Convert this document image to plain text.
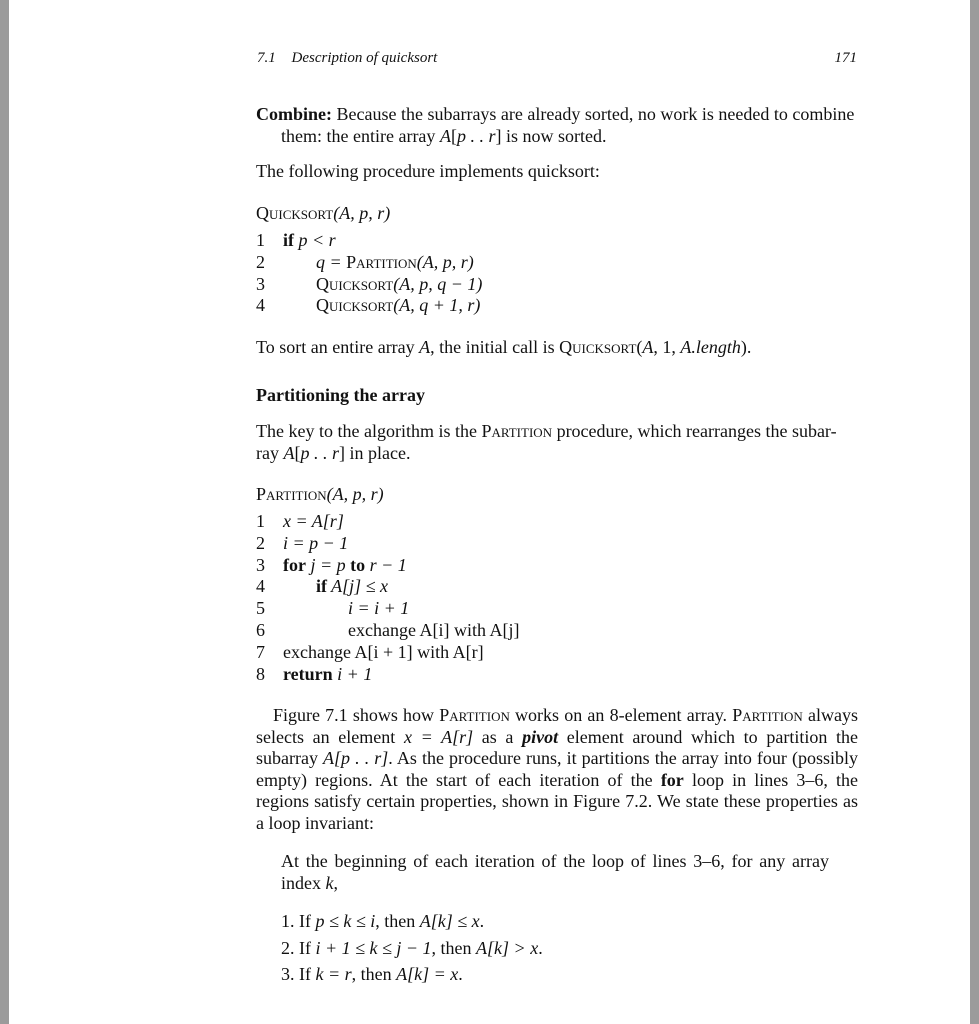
7.1 Description of quicksort	171
Combine: Because the subarrays are already sorted, no work is needed to combine
them: the entire array A[p . . r] is now sorted.
The following procedure implements quicksort:
Quicksort(A, p, r)
1 if p < r
2	q = Partition(A, p, r)
3	Quicksort(A, p, q − 1)
4	Quicksort(A, q + 1, r)
To sort an entire array A, the initial call is Quicksort(A, 1, A.length).
Partitioning the array
The key to the algorithm is the Partition procedure, which rearranges the subar-
ray A[p . . r] in place.
Partition(A, p, r)
1 x = A[r]
2 i = p − 1
3 for j = p to r − 1
4	if A[j] ≤ x
5	i = i + 1
6	exchange A[i] with A[j]
7 exchange A[i + 1] with A[r]
8 return i + 1
Figure 7.1 shows how Partition works on an 8-element array. Partition always selects an element x = A[r] as a pivot element around which to partition the subarray A[p . . r]. As the procedure runs, it partitions the array into four (possibly empty) regions. At the start of each iteration of the for loop in lines 3–6, the regions satisfy certain properties, shown in Figure 7.2. We state these properties as a loop invariant:
At the beginning of each iteration of the loop of lines 3–6, for any array index k,
1. If p ≤ k ≤ i, then A[k] ≤ x.
2. If i + 1 ≤ k ≤ j − 1, then A[k] > x.
3. If k = r, then A[k] = x.
